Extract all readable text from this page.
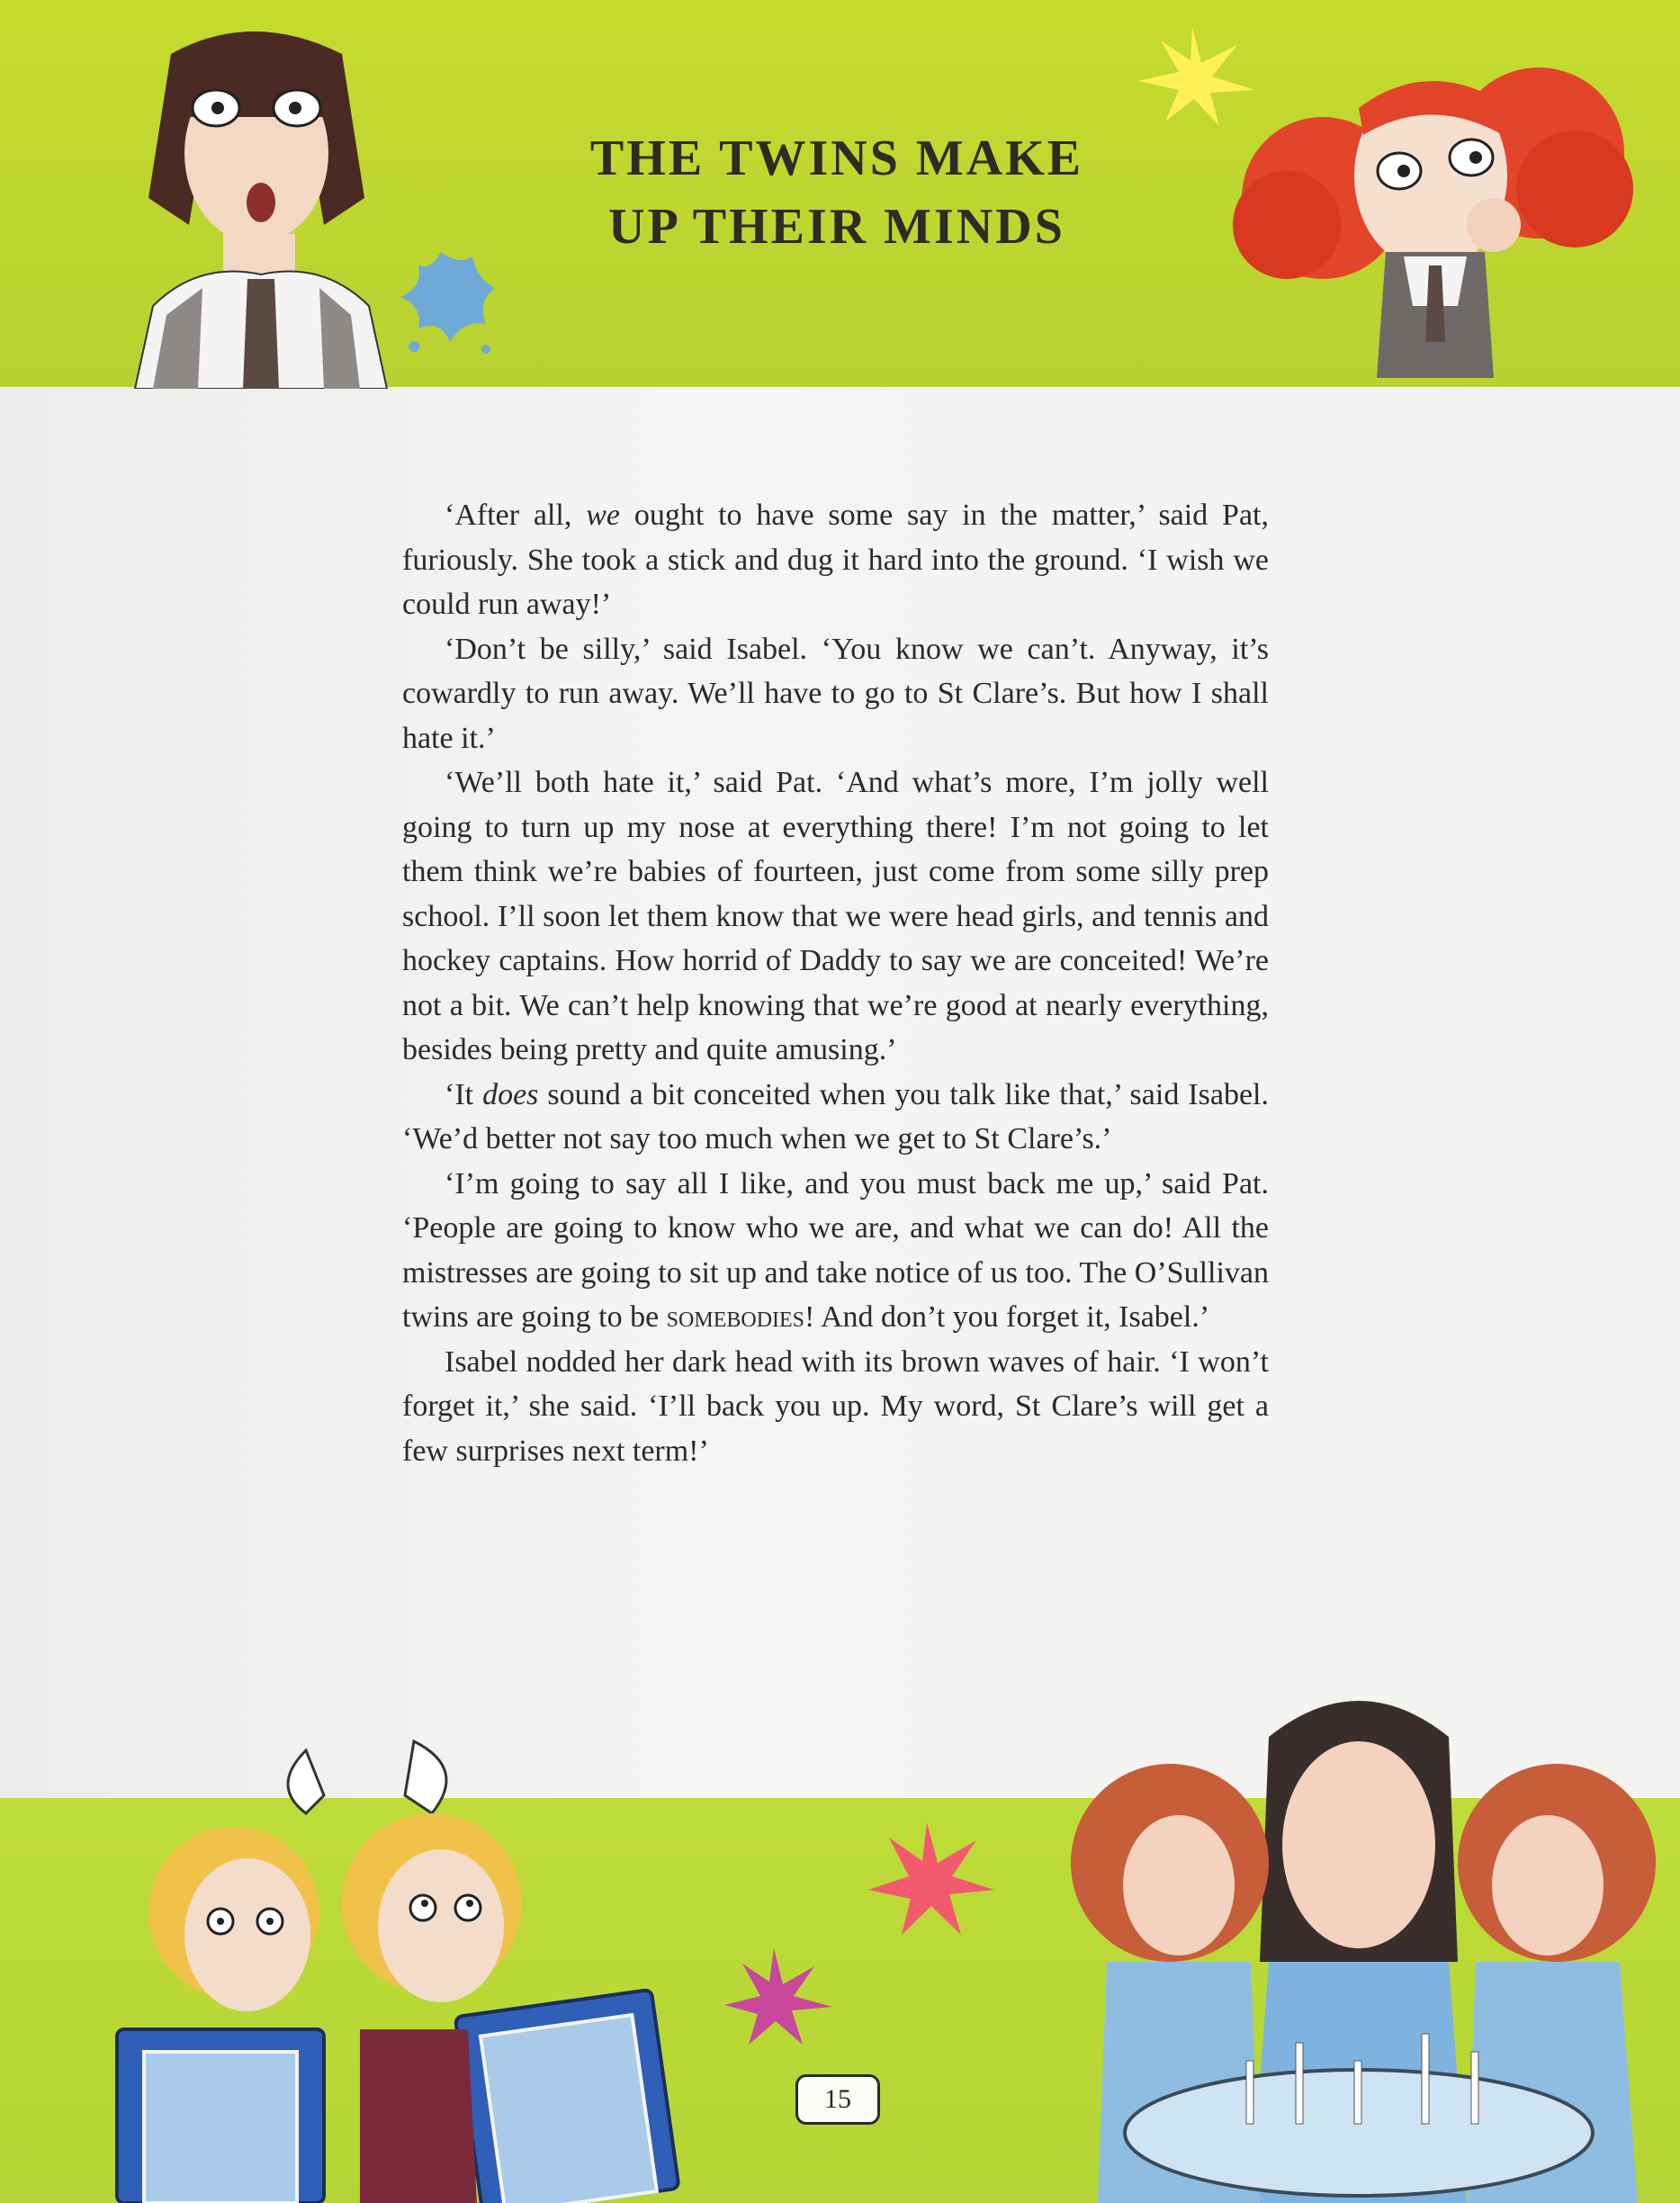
THE TWINS MAKE
UP THEIR MINDS

‘After all, we ought to have some say in the matter,’ said Pat, furiously. She took a stick and dug it hard into the ground. ‘I wish we could run away!’

‘Don’t be silly,’ said Isabel. ‘You know we can’t. Anyway, it’s cowardly to run away. We’ll have to go to St Clare’s. But how I shall hate it.’

‘We’ll both hate it,’ said Pat. ‘And what’s more, I’m jolly well going to turn up my nose at everything there! I’m not going to let them think we’re babies of fourteen, just come from some silly prep school. I’ll soon let them know that we were head girls, and tennis and hockey captains. How horrid of Daddy to say we are conceited! We’re not a bit. We can’t help knowing that we’re good at nearly everything, besides being pretty and quite amusing.’

‘It does sound a bit conceited when you talk like that,’ said Isabel. ‘We’d better not say too much when we get to St Clare’s.’

‘I’m going to say all I like, and you must back me up,’ said Pat. ‘People are going to know who we are, and what we can do! All the mistresses are going to sit up and take notice of us too. The O’Sullivan twins are going to be somebodies! And don’t you forget it, Isabel.’

Isabel nodded her dark head with its brown waves of hair. ‘I won’t forget it,’ she said. ‘I’ll back you up. My word, St Clare’s will get a few surprises next term!’

15
